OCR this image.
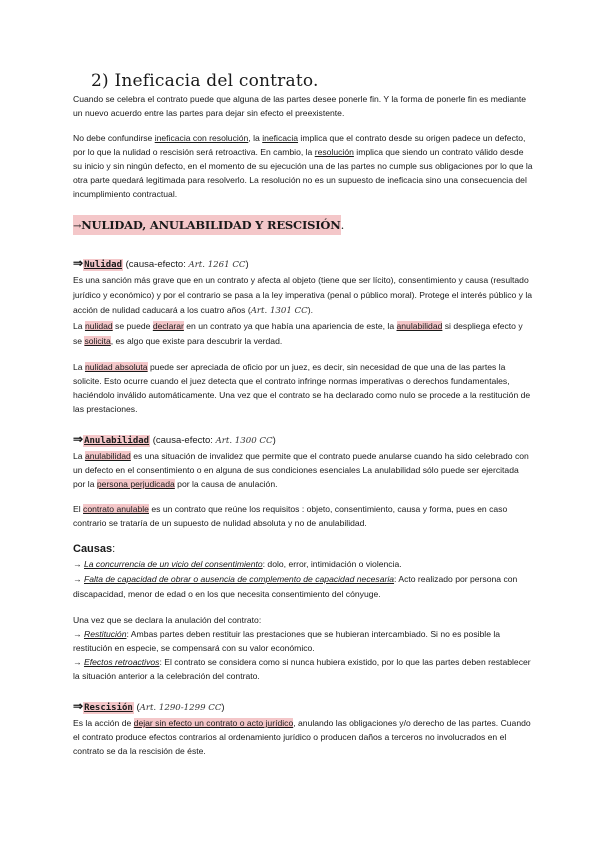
2) Ineficacia del contrato.

Cuando se celebra el contrato puede que alguna de las partes desee ponerle fin. Y la forma de ponerle fin es mediante un nuevo acuerdo entre las partes para dejar sin efecto el preexistente.

No debe confundirse ineficacia con resolución, la ineficacia implica que el contrato desde su origen padece un defecto, por lo que la nulidad o rescisión será retroactiva. En cambio, la resolución implica que siendo un contrato válido desde su inicio y sin ningún defecto, en el momento de su ejecución una de las partes no cumple sus obligaciones por lo que la otra parte quedará legitimada para resolverlo. La resolución no es un supuesto de ineficacia sino una consecuencia del incumplimiento contractual.

→NULIDAD, ANULABILIDAD Y RESCISIÓN.

⇒Nulidad (causa-efecto: Art. 1261 CC)

Es una sanción más grave que en un contrato y afecta al objeto (tiene que ser lícito), consentimiento y causa (resultado jurídico y económico) y por el contrario se pasa a la ley imperativa (penal o público moral). Protege el interés público y la acción de nulidad caducará a los cuatro años (Art. 1301 CC).

La nulidad se puede declarar en un contrato ya que había una apariencia de este, la anulabilidad si despliega efecto y se solicita, es algo que existe para descubrir la verdad.

La nulidad absoluta puede ser apreciada de oficio por un juez, es decir, sin necesidad de que una de las partes la solicite. Esto ocurre cuando el juez detecta que el contrato infringe normas imperativas o derechos fundamentales, haciéndolo inválido automáticamente. Una vez que el contrato se ha declarado como nulo se procede a la restitución de las prestaciones.

⇒Anulabilidad (causa-efecto: Art. 1300 CC)

La anulabilidad es una situación de invalidez que permite que el contrato puede anularse cuando ha sido celebrado con un defecto en el consentimiento o en alguna de sus condiciones esenciales La anulabilidad sólo puede ser ejercitada por la persona perjudicada por la causa de anulación.

El contrato anulable es un contrato que reúne los requisitos : objeto, consentimiento, causa y forma, pues en caso contrario se trataría de un supuesto de nulidad absoluta y no de anulabilidad.

Causas:

→ La concurrencia de un vicio del consentimiento: dolo, error, intimidación o violencia.

→ Falta de capacidad de obrar o ausencia de complemento de capacidad necesaria: Acto realizado por persona con discapacidad, menor de edad o en los que necesita consentimiento del cónyuge.

Una vez que se declara la anulación del contrato:

→ Restitución: Ambas partes deben restituir las prestaciones que se hubieran intercambiado. Si no es posible la restitución en especie, se compensará con su valor económico.

→ Efectos retroactivos: El contrato se considera como si nunca hubiera existido, por lo que las partes deben restablecer la situación anterior a la celebración del contrato.

⇒Rescisión (Art. 1290-1299 CC)

Es la acción de dejar sin efecto un contrato o acto jurídico, anulando las obligaciones y/o derecho de las partes. Cuando el contrato produce efectos contrarios al ordenamiento jurídico o producen daños a terceros no involucrados en el contrato se da la rescisión de éste.
